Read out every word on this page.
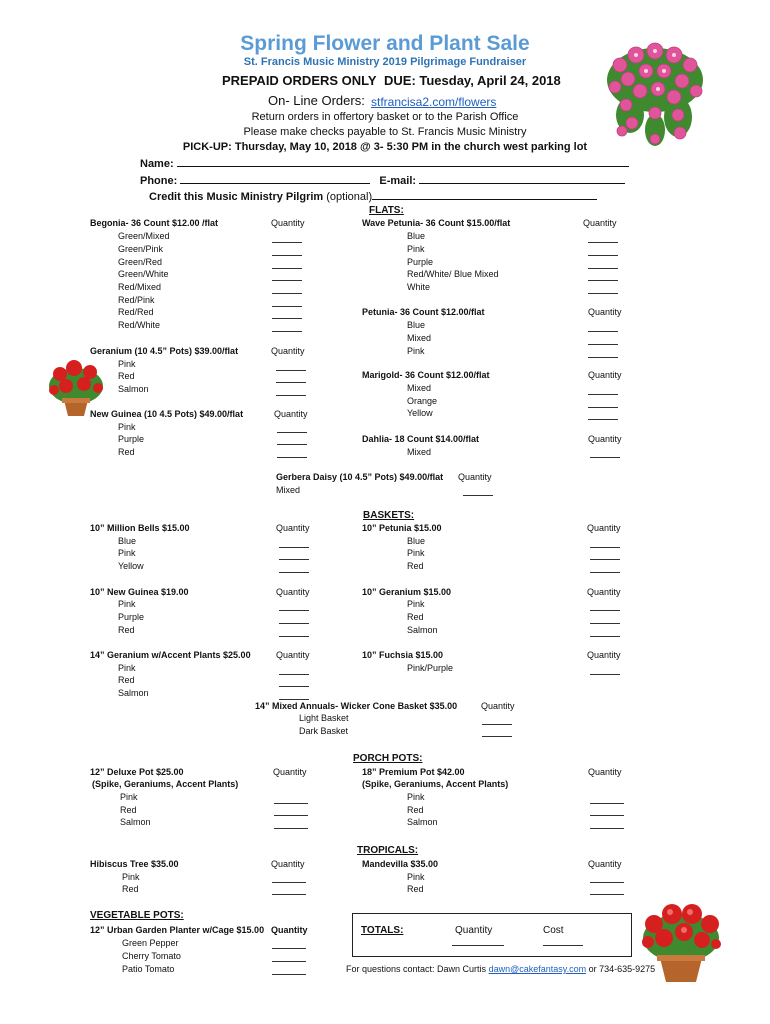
Spring Flower and Plant Sale
St. Francis Music Ministry 2019 Pilgrimage Fundraiser
PREPAID ORDERS ONLY DUE: Tuesday, April 24, 2018
On- Line Orders: stfrancisa2.com/flowers
Return orders in offertory basket or to the Parish Office
Please make checks payable to St. Francis Music Ministry
PICK-UP: Thursday, May 10, 2018 @ 3- 5:30 PM in the church west parking lot
Name:
Phone:	E-mail:
Credit this Music Ministry Pilgrim (optional)
FLATS:
Begonia- 36 Count $12.00 /flat	Quantity
Green/Mixed
Green/Pink
Green/Red
Green/White
Red/Mixed
Red/Pink
Red/Red
Red/White
Geranium (10 4.5” Pots) $39.00/flat	Quantity
Pink
Red
Salmon
New Guinea (10 4.5 Pots) $49.00/flat	Quantity
Pink
Purple
Red
Wave Petunia- 36 Count $15.00/flat	Quantity
Blue
Pink
Purple
Red/White/ Blue Mixed
White
Petunia- 36 Count $12.00/flat	Quantity
Blue
Mixed
Pink
Marigold- 36 Count $12.00/flat	Quantity
Mixed
Orange
Yellow
Dahlia- 18 Count $14.00/flat	Quantity
Mixed
Gerbera Daisy (10 4.5” Pots) $49.00/flat Quantity
Mixed
BASKETS:
10” Million Bells $15.00	Quantity
Blue
Pink
Yellow
10” New Guinea $19.00	Quantity
Pink
Purple
Red
14” Geranium w/Accent Plants $25.00	Quantity
Pink
Red
Salmon
10” Petunia $15.00	Quantity
Blue
Pink
Red
10” Geranium $15.00	Quantity
Pink
Red
Salmon
10” Fuchsia $15.00	Quantity
Pink/Purple
14” Mixed Annuals- Wicker Cone Basket $35.00	Quantity
Light Basket
Dark Basket
PORCH POTS:
12” Deluxe Pot $25.00
(Spike, Geraniums, Accent Plants)
Quantity
Pink
Red
Salmon
18” Premium Pot $42.00
(Spike, Geraniums, Accent Plants)
Quantity
Pink
Red
Salmon
TROPICALS:
Hibiscus Tree $35.00	Quantity
Pink
Red
Mandevilla $35.00	Quantity
Pink
Red
VEGETABLE POTS:
12” Urban Garden Planter w/Cage $15.00 Quantity
Green Pepper
Cherry Tomato
Patio Tomato
TOTALS:	Quantity	Cost
For questions contact: Dawn Curtis dawn@cakefantasy.com or 734-635-9275
